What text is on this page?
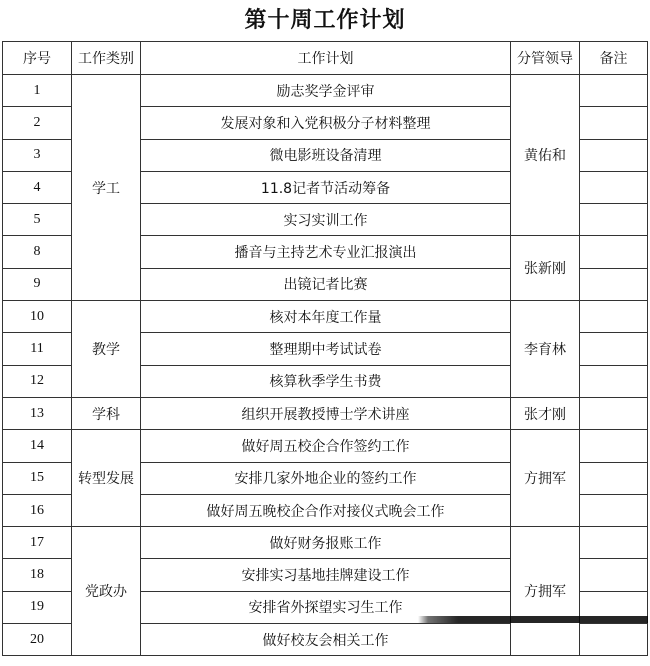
第十周工作计划
序号	工作类别	工作计划	分管领导	备注
1	学工	励志奖学金评审	黄佑和	
2		发展对象和入党积极分子材料整理		
3		微电影班设备清理		
4		11.8记者节活动筹备		
5		实习实训工作		
8		播音与主持艺术专业汇报演出	张新刚	
9		出镜记者比赛		
10	教学	核对本年度工作量	李育林	
11		整理期中考试试卷		
12		核算秋季学生书费		
13	学科	组织开展教授博士学术讲座	张才刚	
14	转型发展	做好周五校企合作签约工作	方拥军	
15		安排几家外地企业的签约工作		
16		做好周五晚校企合作对接仪式晚会工作		
17	党政办	做好财务报账工作	方拥军	
18		安排实习基地挂牌建设工作		
19		安排省外探望实习生工作		
20		做好校友会相关工作		
